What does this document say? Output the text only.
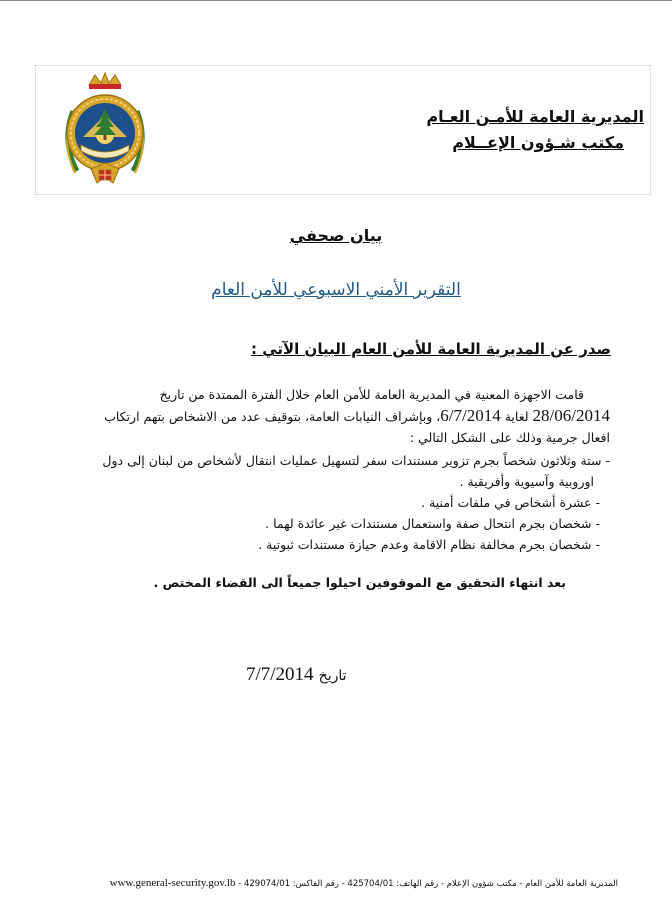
المديرية العامة للأمـن العـام
مكتب شـؤون الإعــلام
بيان صحفي
التقرير الأمني الاسبوعي للأمن العام
صدر عن المديرية العامة للأمن العام البيان الآتي :
قامت الاجهزة المعنية في المديرية العامة للأمن العام خلال الفترة الممتدة من تاريخ
28/06/2014 لغاية 6/7/2014، وبإشراف النيابات العامة، بتوقيف عدد من الاشخاص بتهم ارتكاب
افعال جرمية وذلك على الشكل التالي :
- ستة وثلاثون شخصاً بجرم تزوير مستندات سفر لتسهيل عمليات انتقال لأشخاص من لبنان إلى دول
اوروبية وآسيوية وأفريقية .
- عشرة أشخاص في ملفات أمنية .
- شخصان بجرم انتحال صفة واستعمال مستندات غير عائدة لهما .
- شخصان بجرم مخالفة نظام الاقامة وعدم حيازة مستندات ثبوتية .
بعد انتهاء التحقيق مع الموقوفين احيلوا جميعاً الى القضاء المختص .
تاريخ 7/7/2014
المديرية العامة للأمن العام - مكتب شؤون الإعلام - رقم الهاتف: 425704/01 - رقم الفاكس: 429074/01 - www.general-security.gov.lb
